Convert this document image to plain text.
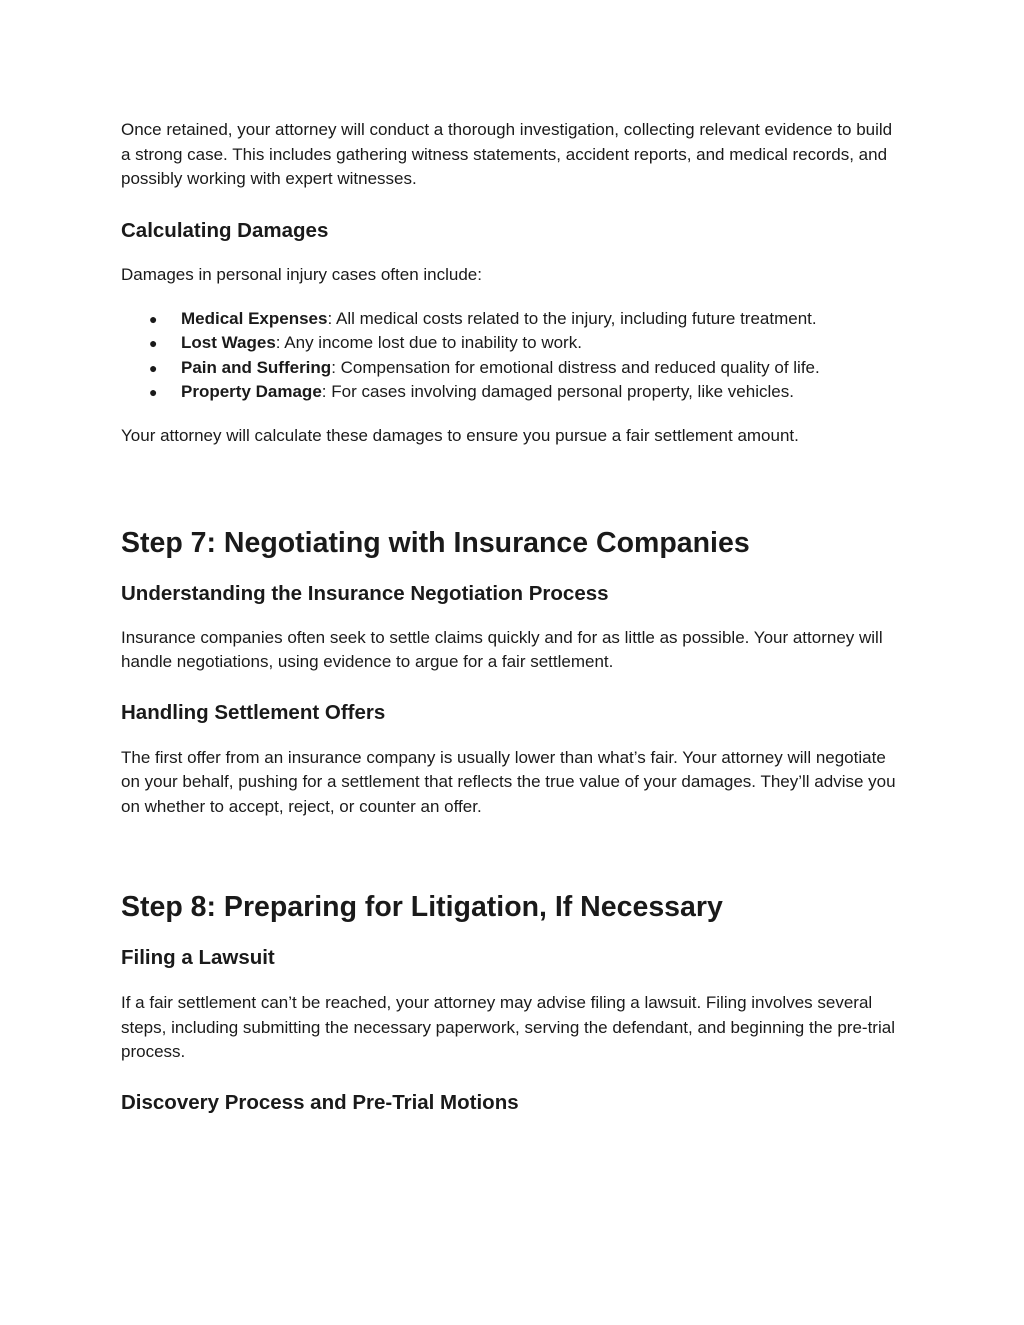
Once retained, your attorney will conduct a thorough investigation, collecting relevant evidence to build a strong case. This includes gathering witness statements, accident reports, and medical records, and possibly working with expert witnesses.

Calculating Damages

Damages in personal injury cases often include:

● Medical Expenses: All medical costs related to the injury, including future treatment.
● Lost Wages: Any income lost due to inability to work.
● Pain and Suffering: Compensation for emotional distress and reduced quality of life.
● Property Damage: For cases involving damaged personal property, like vehicles.

Your attorney will calculate these damages to ensure you pursue a fair settlement amount.

Step 7: Negotiating with Insurance Companies
Understanding the Insurance Negotiation Process

Insurance companies often seek to settle claims quickly and for as little as possible. Your attorney will handle negotiations, using evidence to argue for a fair settlement.

Handling Settlement Offers

The first offer from an insurance company is usually lower than what’s fair. Your attorney will negotiate on your behalf, pushing for a settlement that reflects the true value of your damages. They’ll advise you on whether to accept, reject, or counter an offer.

Step 8: Preparing for Litigation, If Necessary
Filing a Lawsuit

If a fair settlement can’t be reached, your attorney may advise filing a lawsuit. Filing involves several steps, including submitting the necessary paperwork, serving the defendant, and beginning the pre-trial process.

Discovery Process and Pre-Trial Motions
